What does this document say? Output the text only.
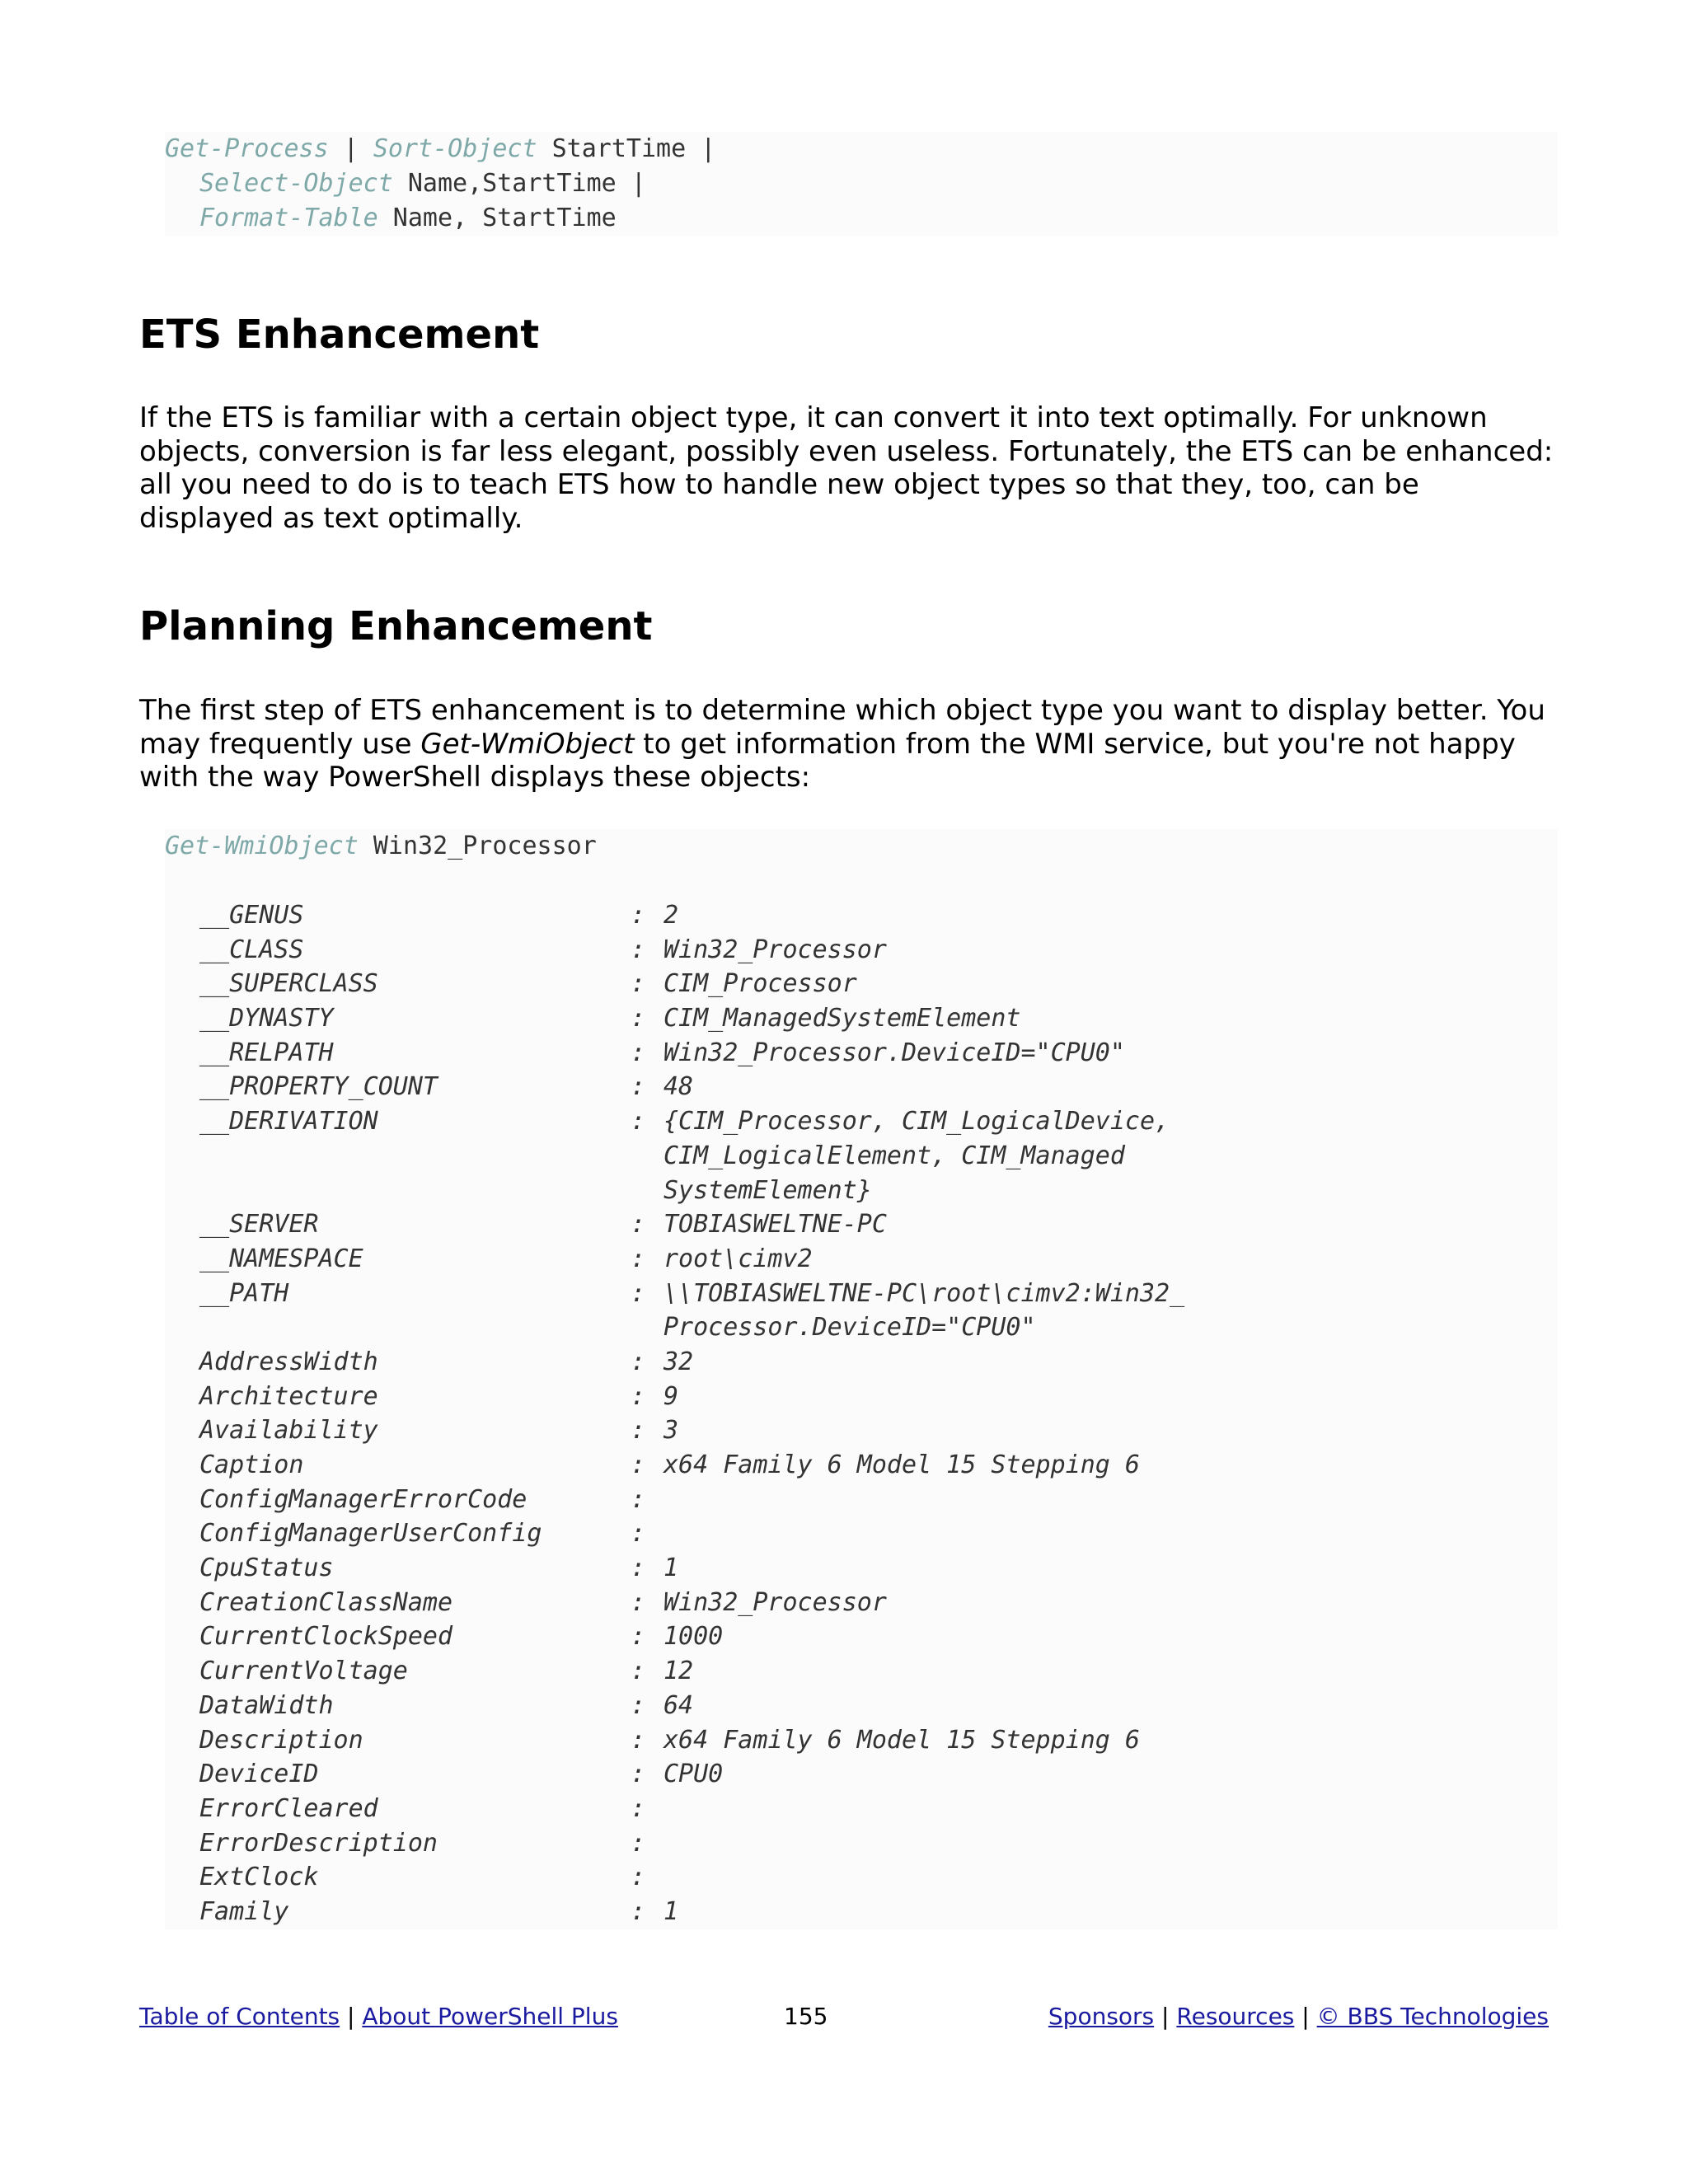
Get-Process | Sort-Object StartTime |
Select-Object Name,StartTime |
Format-Table Name, StartTime
ETS Enhancement

If the ETS is familiar with a certain object type, it can convert it into text optimally. For unknown objects, conversion is far less elegant, possibly even useless. Fortunately, the ETS can be enhanced: all you need to do is to teach ETS how to handle new object types so that they, too, can be displayed as text optimally.

Planning Enhancement

The first step of ETS enhancement is to determine which object type you want to display better. You may frequently use Get-WmiObject to get information from the WMI service, but you're not happy with the way PowerShell displays these objects:

Get-WmiObject Win32_Processor

__GENUS	: 2
__CLASS	: Win32_Processor
__SUPERCLASS	: CIM_Processor
__DYNASTY	: CIM_ManagedSystemElement
__RELPATH	: Win32_Processor.DeviceID="CPU0"
__PROPERTY_COUNT	: 48
__DERIVATION	: {CIM_Processor, CIM_LogicalDevice,
CIM_LogicalElement, CIM_Managed
SystemElement}
__SERVER	: TOBIASWELTNE-PC
__NAMESPACE	: root\cimv2
__PATH	: \\TOBIASWELTNE-PC\root\cimv2:Win32_
Processor.DeviceID="CPU0"
AddressWidth	: 32
Architecture	: 9
Availability	: 3
Caption	: x64 Family 6 Model 15 Stepping 6
ConfigManagerErrorCode	:
ConfigManagerUserConfig	:
CpuStatus	: 1
CreationClassName	: Win32_Processor
CurrentClockSpeed	: 1000
CurrentVoltage	: 12
DataWidth	: 64
Description	: x64 Family 6 Model 15 Stepping 6
DeviceID	: CPU0
ErrorCleared	:
ErrorDescription	:
ExtClock	:
Family	: 1
Table of Contents | About PowerShell Plus	155	Sponsors | Resources | © BBS Technologies
